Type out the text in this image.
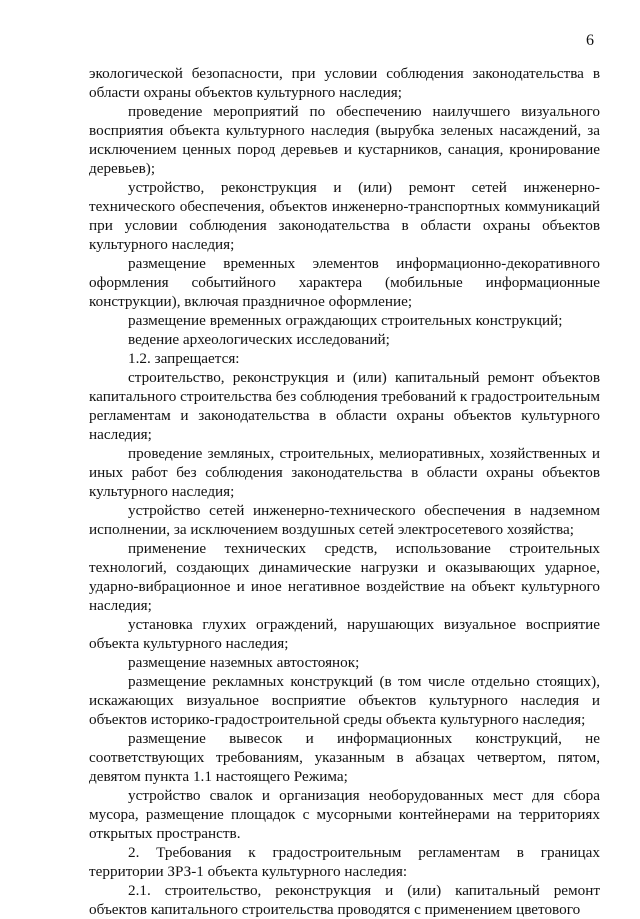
6

экологической безопасности, при условии соблюдения законодательства в области охраны объектов культурного наследия;

проведение мероприятий по обеспечению наилучшего визуального восприятия объекта культурного наследия (вырубка зеленых насаждений, за исключением ценных пород деревьев и кустарников, санация, кронирование деревьев);

устройство, реконструкция и (или) ремонт сетей инженерно-технического обеспечения, объектов инженерно-транспортных коммуникаций при условии соблюдения законодательства в области охраны объектов культурного наследия;

размещение временных элементов информационно-декоративного оформления событийного характера (мобильные информационные конструкции), включая праздничное оформление;

размещение временных ограждающих строительных конструкций;

ведение археологических исследований;

1.2. запрещается:

строительство, реконструкция и (или) капитальный ремонт объектов капитального строительства без соблюдения требований к градостроительным регламентам и законодательства в области охраны объектов культурного наследия;

проведение земляных, строительных, мелиоративных, хозяйственных и иных работ без соблюдения законодательства в области охраны объектов культурного наследия;

устройство сетей инженерно-технического обеспечения в надземном исполнении, за исключением воздушных сетей электросетевого хозяйства;

применение технических средств, использование строительных технологий, создающих динамические нагрузки и оказывающих ударное, ударно-вибрационное и иное негативное воздействие на объект культурного наследия;

установка глухих ограждений, нарушающих визуальное восприятие объекта культурного наследия;

размещение наземных автостоянок;

размещение рекламных конструкций (в том числе отдельно стоящих), искажающих визуальное восприятие объектов культурного наследия и объектов историко-градостроительной среды объекта культурного наследия;

размещение вывесок и информационных конструкций, не соответствующих требованиям, указанным в абзацах четвертом, пятом, девятом пункта 1.1 настоящего Режима;

устройство свалок и организация необорудованных мест для сбора мусора, размещение площадок с мусорными контейнерами на территориях открытых пространств.

2. Требования к градостроительным регламентам в границах территории ЗРЗ-1 объекта культурного наследия:

2.1. строительство, реконструкция и (или) капитальный ремонт объектов капитального строительства проводятся с применением цветового
